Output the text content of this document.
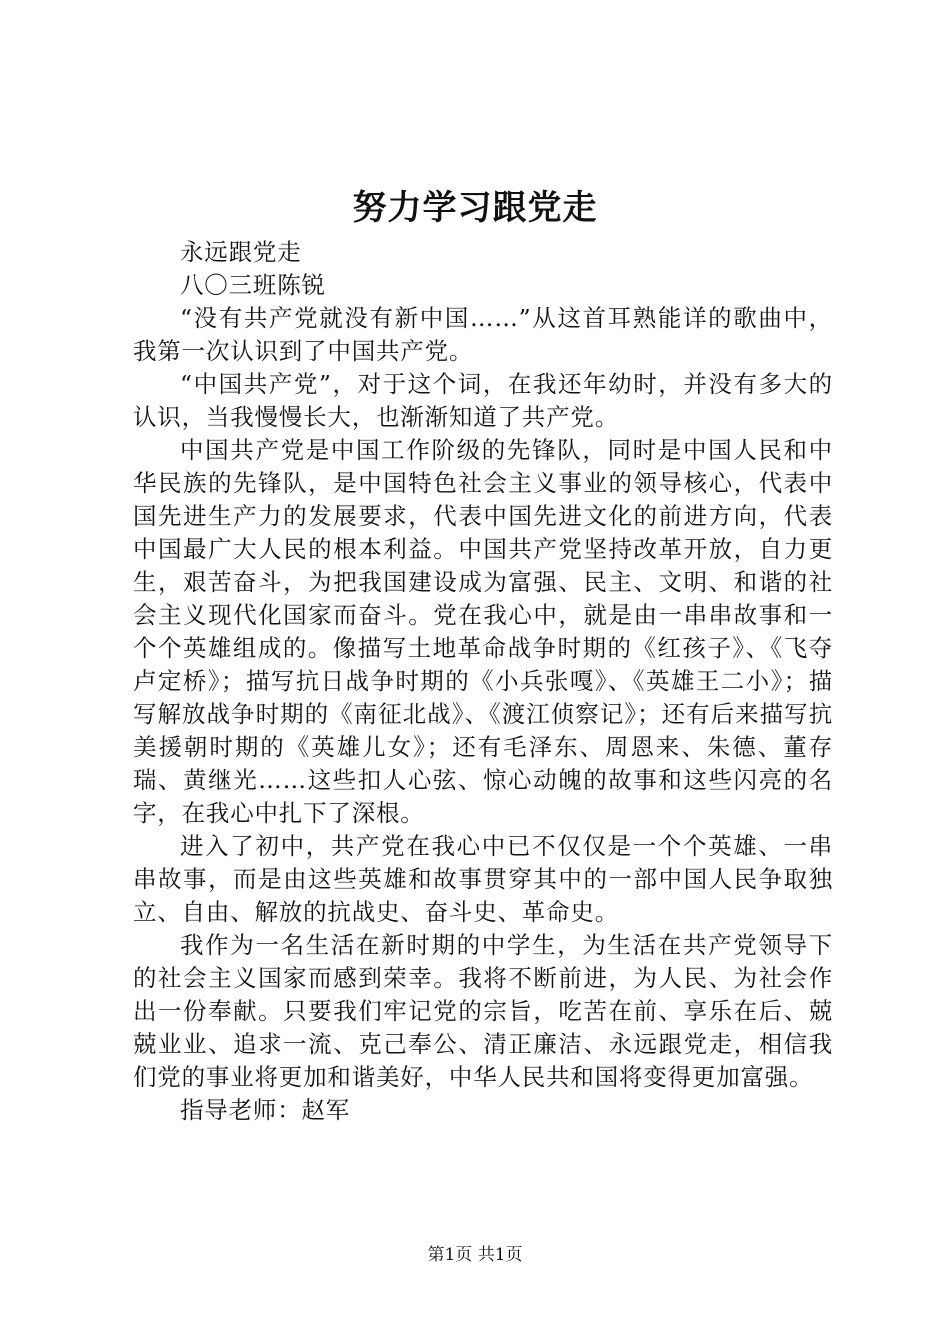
努力学习跟党走

永远跟党走

八〇三班陈锐

“没有共产党就没有新中国……”从这首耳熟能详的歌曲中，我第一次认识到了中国共产党。

“中国共产党”，对于这个词，在我还年幼时，并没有多大的认识，当我慢慢长大，也渐渐知道了共产党。

中国共产党是中国工作阶级的先锋队，同时是中国人民和中华民族的先锋队，是中国特色社会主义事业的领导核心，代表中国先进生产力的发展要求，代表中国先进文化的前进方向，代表中国最广大人民的根本利益。中国共产党坚持改革开放，自力更生，艰苦奋斗，为把我国建设成为富强、民主、文明、和谐的社会主义现代化国家而奋斗。党在我心中，就是由一串串故事和一个个英雄组成的。像描写土地革命战争时期的《红孩子》、《飞夺卢定桥》；描写抗日战争时期的《小兵张嘎》、《英雄王二小》；描写解放战争时期的《南征北战》、《渡江侦察记》；还有后来描写抗美援朝时期的《英雄儿女》；还有毛泽东、周恩来、朱德、董存瑞、黄继光……这些扣人心弦、惊心动魄的故事和这些闪亮的名字，在我心中扎下了深根。

进入了初中，共产党在我心中已不仅仅是一个个英雄、一串串故事，而是由这些英雄和故事贯穿其中的一部中国人民争取独立、自由、解放的抗战史、奋斗史、革命史。

我作为一名生活在新时期的中学生，为生活在共产党领导下的社会主义国家而感到荣幸。我将不断前进，为人民、为社会作出一份奉献。只要我们牢记党的宗旨，吃苦在前、享乐在后、兢兢业业、追求一流、克己奉公、清正廉洁、永远跟党走，相信我们党的事业将更加和谐美好，中华人民共和国将变得更加富强。

指导老师：赵军

第1页 共1页
